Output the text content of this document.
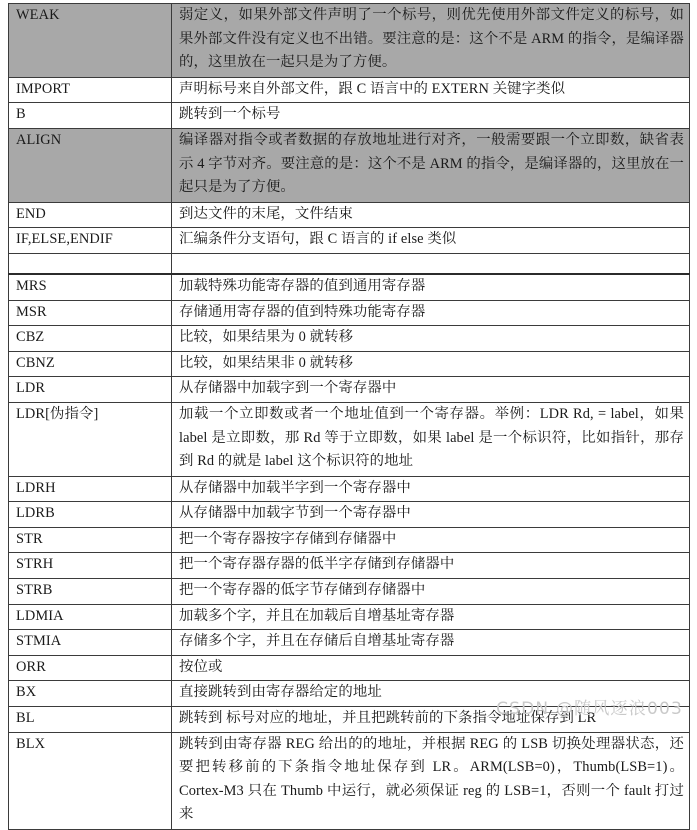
WEAK	弱定义，如果外部文件声明了一个标号，则优先使用外部文件定义的标号，如果外部文件没有定义也不出错。要注意的是：这个不是 ARM 的指令，是编译器的，这里放在一起只是为了方便。
IMPORT	声明标号来自外部文件，跟 C 语言中的 EXTERN 关键字类似
B	跳转到一个标号
ALIGN	编译器对指令或者数据的存放地址进行对齐，一般需要跟一个立即数，缺省表示 4 字节对齐。要注意的是：这个不是 ARM 的指令，是编译器的，这里放在一起只是为了方便。
END	到达文件的末尾，文件结束
IF,ELSE,ENDIF	汇编条件分支语句，跟 C 语言的 if else 类似

MRS	加载特殊功能寄存器的值到通用寄存器
MSR	存储通用寄存器的值到特殊功能寄存器
CBZ	比较，如果结果为 0 就转移
CBNZ	比较，如果结果非 0 就转移
LDR	从存储器中加载字到一个寄存器中
LDR[伪指令]	加载一个立即数或者一个地址值到一个寄存器。举例：LDR Rd, = label，如果 label 是立即数，那 Rd 等于立即数，如果 label 是一个标识符，比如指针，那存到 Rd 的就是 label 这个标识符的地址
LDRH	从存储器中加载半字到一个寄存器中
LDRB	从存储器中加载字节到一个寄存器中
STR	把一个寄存器按字存储到存储器中
STRH	把一个寄存器存器的低半字存储到存储器中
STRB	把一个寄存器的低字节存储到存储器中
LDMIA	加载多个字，并且在加载后自增基址寄存器
STMIA	存储多个字，并且在存储后自增基址寄存器
ORR	按位或
BX	直接跳转到由寄存器给定的地址
BL	跳转到 标号对应的地址，并且把跳转前的下条指令地址保存到 LR
BLX	跳转到由寄存器 REG 给出的的地址，并根据 REG 的 LSB 切换处理器状态，还要把转移前的下条指令地址保存到 LR。ARM(LSB=0)，Thumb(LSB=1)。Cortex-M3 只在 Thumb 中运行，就必须保证 reg 的 LSB=1，否则一个 fault 打过来
CSDN @随风逐浪003
